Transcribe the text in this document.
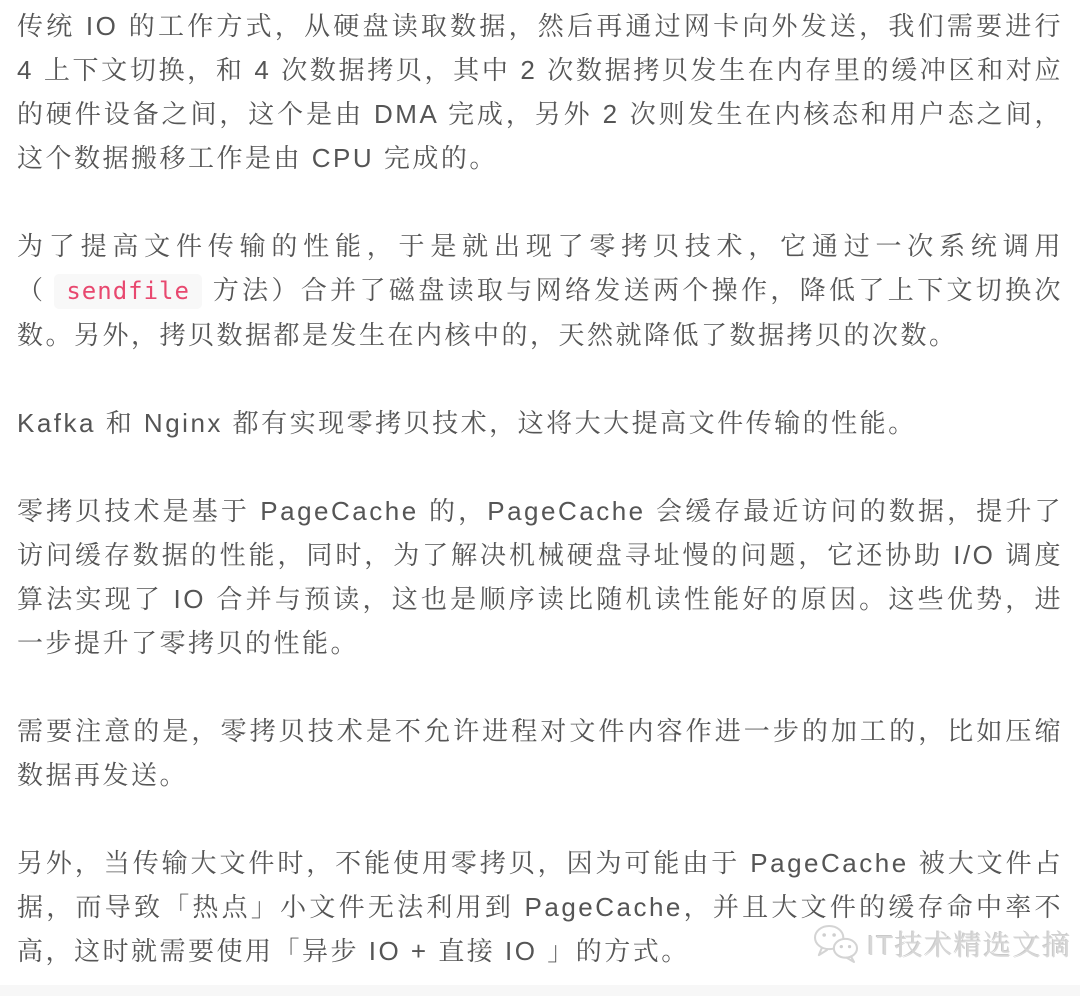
传统 IO 的工作方式，从硬盘读取数据，然后再通过网卡向外发送，我们需要进行 4 上下文切换，和 4 次数据拷贝，其中 2 次数据拷贝发生在内存里的缓冲区和对应的硬件设备之间，这个是由 DMA 完成，另外 2 次则发生在内核态和用户态之间，这个数据搬移工作是由 CPU 完成的。

为了提高文件传输的性能，于是就出现了零拷贝技术，它通过一次系统调用（ sendfile 方法）合并了磁盘读取与网络发送两个操作，降低了上下文切换次数。另外，拷贝数据都是发生在内核中的，天然就降低了数据拷贝的次数。

Kafka 和 Nginx 都有实现零拷贝技术，这将大大提高文件传输的性能。

零拷贝技术是基于 PageCache 的，PageCache 会缓存最近访问的数据，提升了访问缓存数据的性能，同时，为了解决机械硬盘寻址慢的问题，它还协助 I/O 调度算法实现了 IO 合并与预读，这也是顺序读比随机读性能好的原因。这些优势，进一步提升了零拷贝的性能。

需要注意的是，零拷贝技术是不允许进程对文件内容作进一步的加工的，比如压缩数据再发送。

另外，当传输大文件时，不能使用零拷贝，因为可能由于 PageCache 被大文件占据，而导致「热点」小文件无法利用到 PageCache，并且大文件的缓存命中率不高，这时就需要使用「异步 IO + 直接 IO 」的方式。	IT技术精选文摘
